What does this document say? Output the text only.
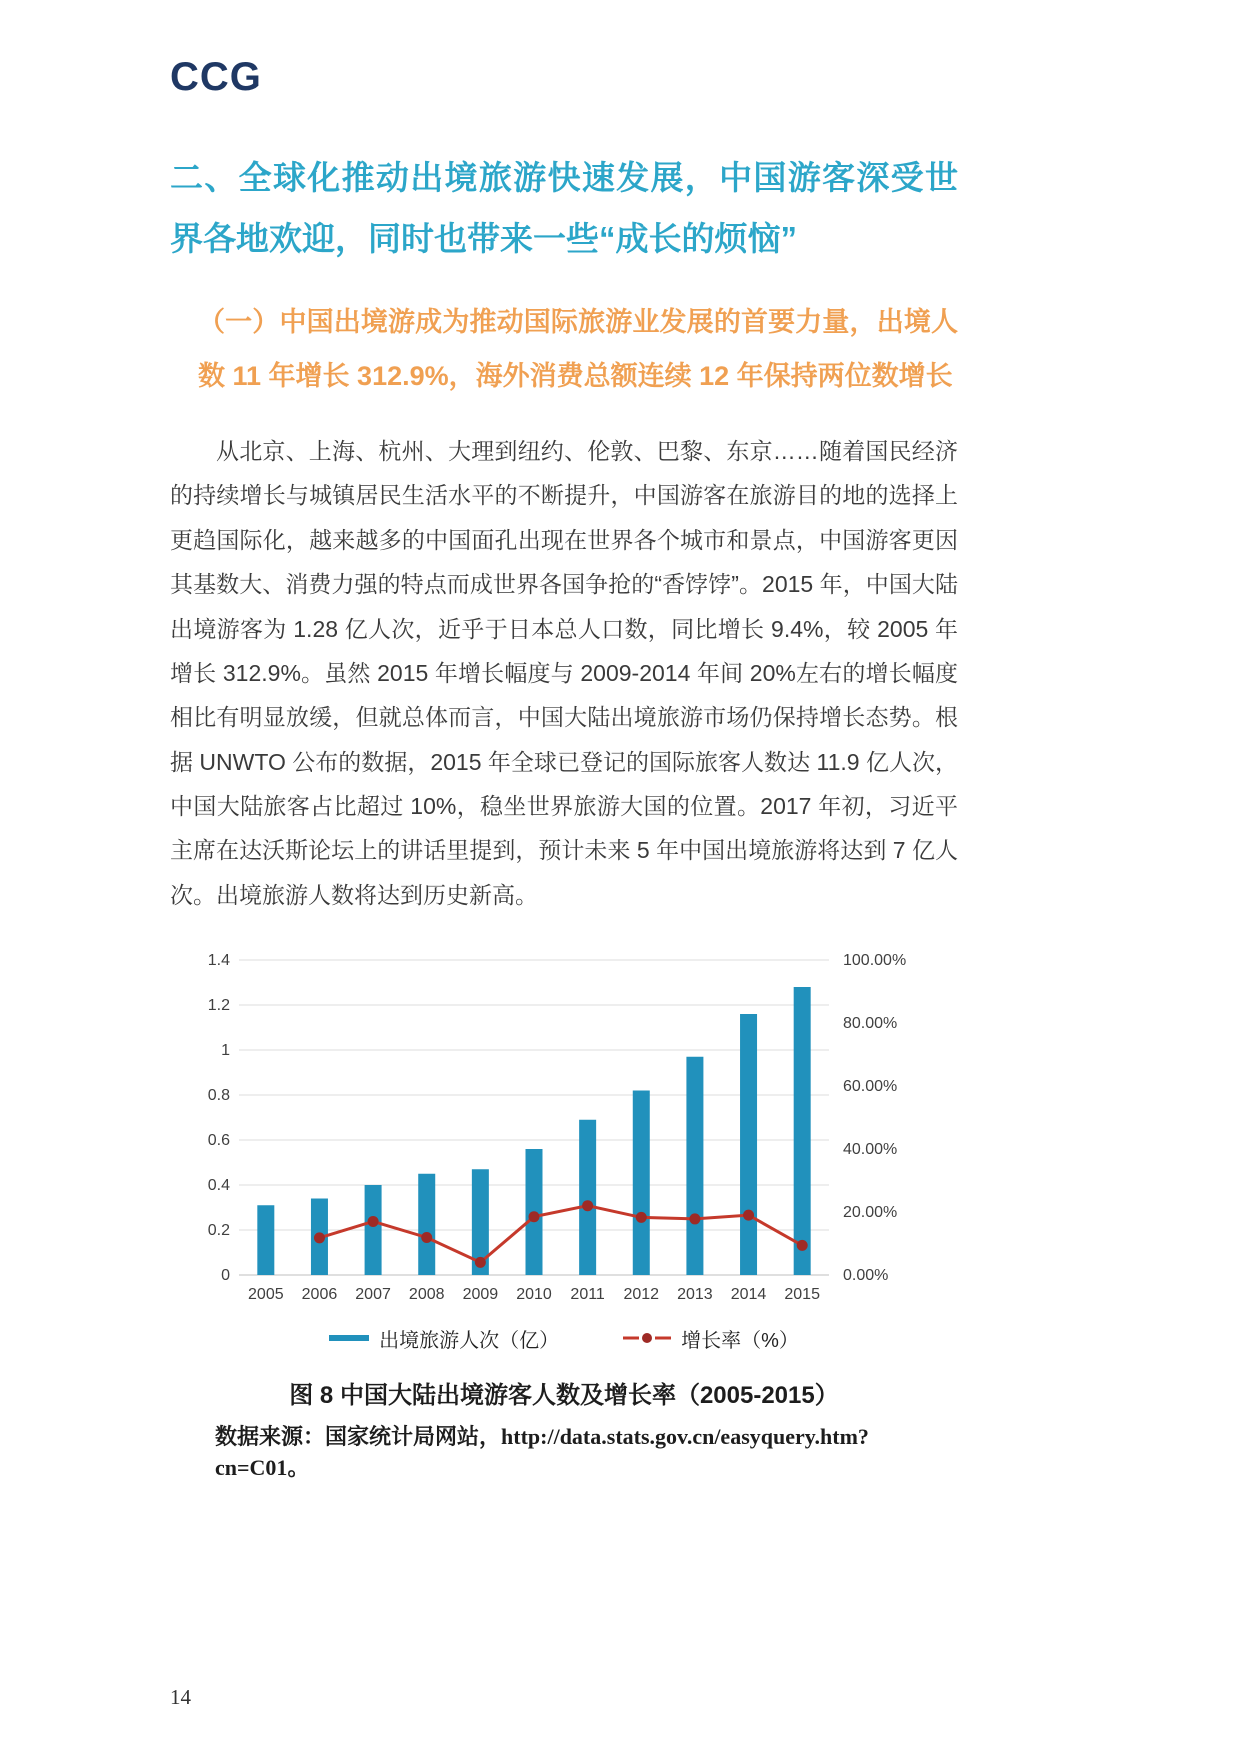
CCG
二、全球化推动出境旅游快速发展，中国游客深受世界各地欢迎，同时也带来一些“成长的烦恼”
（一）中国出境游成为推动国际旅游业发展的首要力量，出境人数 11 年增长 312.9%，海外消费总额连续 12 年保持两位数增长

从北京、上海、杭州、大理到纽约、伦敦、巴黎、东京……随着国民经济的持续增长与城镇居民生活水平的不断提升，中国游客在旅游目的地的选择上更趋国际化，越来越多的中国面孔出现在世界各个城市和景点，中国游客更因其基数大、消费力强的特点而成世界各国争抢的“香饽饽”。2015 年，中国大陆出境游客为 1.28 亿人次，近乎于日本总人口数，同比增长 9.4%，较 2005 年增长 312.9%。虽然 2015 年增长幅度与 2009-2014 年间 20%左右的增长幅度相比有明显放缓，但就总体而言，中国大陆出境旅游市场仍保持增长态势。根据 UNWTO 公布的数据，2015 年全球已登记的国际旅客人数达 11.9 亿人次，中国大陆旅客占比超过 10%，稳坐世界旅游大国的位置。2017 年初，习近平主席在达沃斯论坛上的讲话里提到，预计未来 5 年中国出境旅游将达到 7 亿人次。出境旅游人数将达到历史新高。

0
0.2
0.4
0.6
0.8
1
1.2
1.4
0.00%
20.00%
40.00%
60.00%
80.00%
100.00%
2005 2006 2007 2008 2009 2010 2011 2012 2013 2014 2015
出境旅游人次（亿）	增长率（%）
图 8 中国大陆出境游客人数及增长率（2005-2015）
数据来源：国家统计局网站，http://data.stats.gov.cn/easyquery.htm?cn=C01。
14
